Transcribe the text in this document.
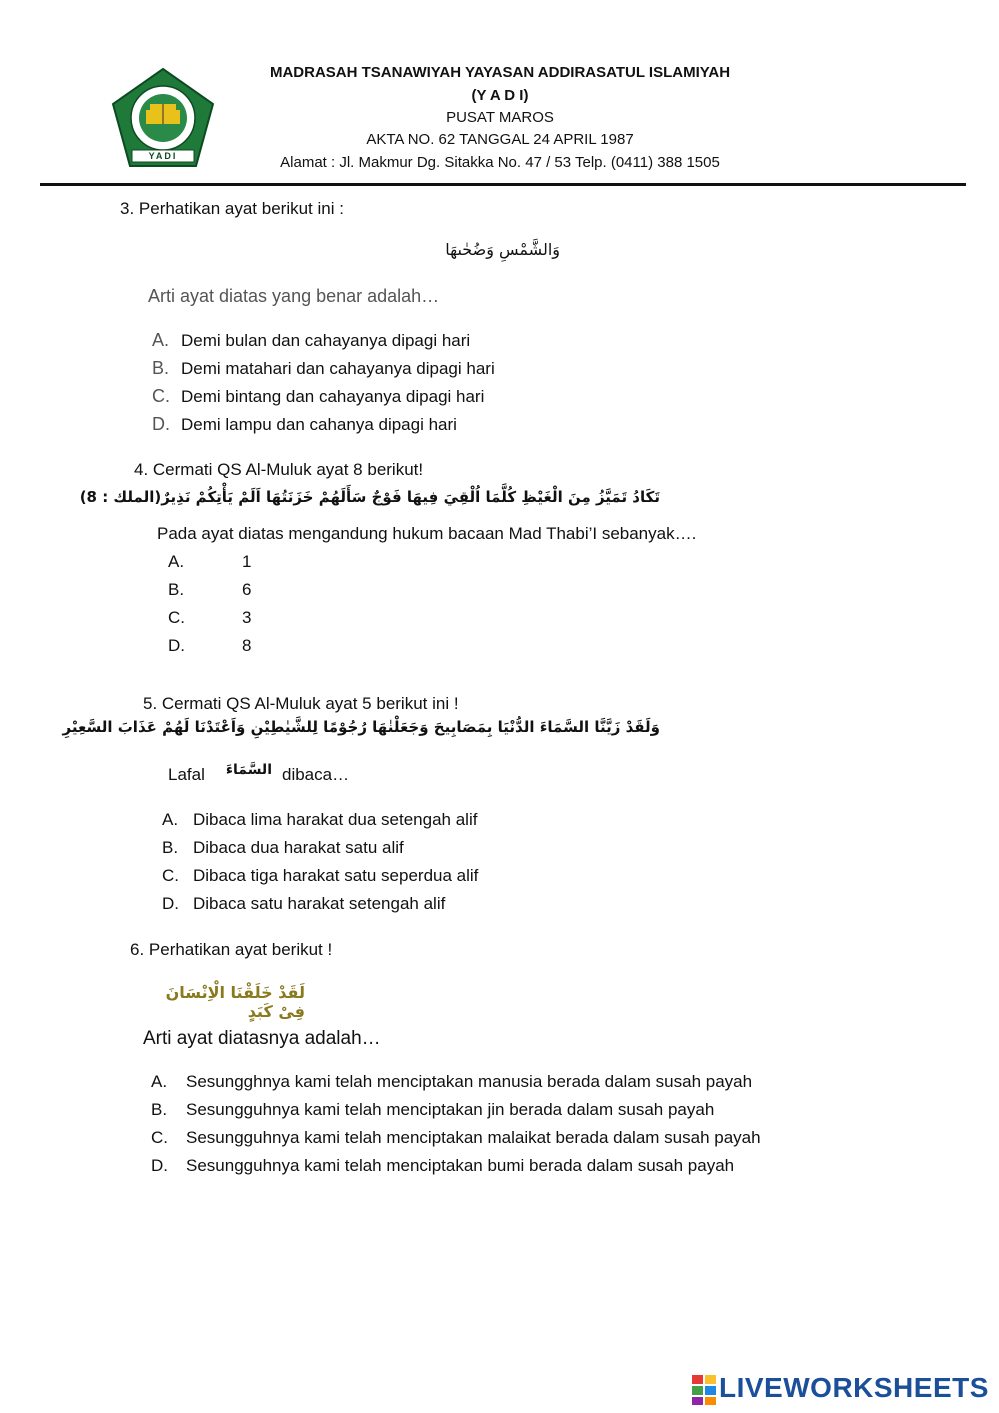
YADI
MADRASAH TSANAWIYAH YAYASAN ADDIRASATUL ISLAMIYAH
(Y A D I)
PUSAT MAROS
AKTA NO. 62 TANGGAL 24 APRIL 1987
Alamat : Jl. Makmur Dg. Sitakka No. 47 / 53 Telp. (0411) 388 1505
3. Perhatikan ayat berikut ini :
وَالشَّمْسِ وَضُحٰىهَا
Arti ayat diatas yang benar adalah…
A. Demi bulan dan cahayanya dipagi hari
B. Demi matahari dan cahayanya dipagi hari
C. Demi bintang dan cahayanya dipagi hari
D. Demi lampu dan cahanya dipagi hari
4. Cermati QS Al-Muluk ayat 8 berikut!
تَكَادُ تَمَيَّزُ مِنَ الْغَيْظِ كُلَّمَا اُلْقِيَ فِيهَا فَوْجٌ سَأَلَهُمْ خَزَنَتُهَا اَلَمْ يَأْتِكُمْ نَذِيرٌ(الملك : 8)
Pada ayat diatas mengandung hukum bacaan Mad Thabi’I sebanyak….
A.	1
B.	6
C.	3
D.	8
5. Cermati QS Al-Muluk ayat 5 berikut ini !
وَلَقَدْ زَيَّنَّا السَّمَاءَ الدُّنْيَا بِمَصَابِيحَ وَجَعَلْنٰهَا رُجُوْمًا لِلشَّيٰطِيْنِ وَاَعْتَدْنَا لَهُمْ عَذَابَ السَّعِيْرِ
Lafal السَّمَاءَ dibaca…
A. Dibaca lima harakat dua setengah alif
B. Dibaca dua harakat satu alif
C. Dibaca tiga harakat satu seperdua alif
D. Dibaca satu harakat setengah alif
6. Perhatikan ayat berikut !
لَقَدْ خَلَقْنَا الْاِنْسَانَ فِىْ كَبَدٍ
Arti ayat diatasnya adalah…
A. Sesungghnya kami telah menciptakan manusia berada dalam susah payah
B. Sesungguhnya kami telah menciptakan jin berada dalam susah payah
C. Sesungguhnya kami telah menciptakan malaikat berada dalam susah payah
D. Sesungguhnya kami telah menciptakan bumi berada dalam susah payah
LIVEWORKSHEETS
